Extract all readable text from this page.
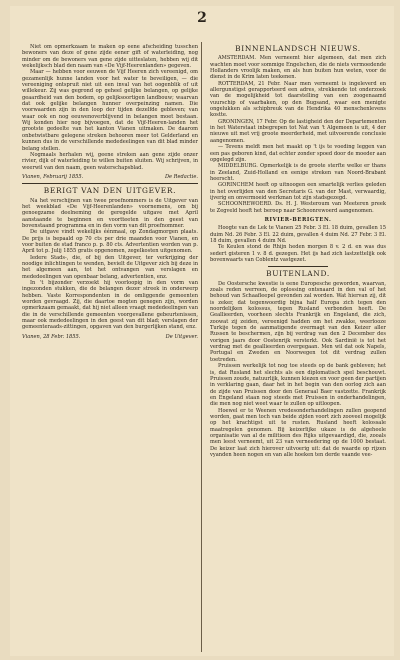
2

Niet om opmerkzaam te maken op eene afscheiding tusschen bewoners van deze of gene zijde eener gift of waterleiding, nog minder om de bewoners van gene zijde uitteslaten, hebben wij dit wekelijksch blad den naam van «De Vijf-Heerenlanden» gegeven.

Maar — hebben voor eeuwen de Vijf Heeren zich vereenigd, om gezamenlijk hunne landen voor het water te beveiligen, — die vereeniging ontspruit niet uit een inval van het oogenblik of uit willekeur. Zij was gegrond op geheel gelijke belangen, op gelijke geaardheid van den bodem, op gelijksoortigen landbouw; waarvan dat ook gelijke belangen hunner overpeinzing namen. Die voorwaarden zijn in den loop der tijden dezelfde gebleven; van waar ook en nog eeuwenoverblijvend in belangen moet bestaan. Wij konden hier nog bijvoegen, dat de Vijf-Heeren-landen het grootste gedeelte van het kanton Vianen uitmaken. De daarom onbetwistbare gelegene streken behooren meer tot Gelderland en kunnen dus in de verschillende mededeelingen van dit blad minder belang stellen.

Nogmaals herhalen wij, geene streken aan gene zijde onzer rivier, dijk of waterleiding te willen buiten sluiten. Wij schrijven, in weerwil van den naam, geen waterschapsblad.

Vianen, Februarij 1855.	De Redactie.
BERIGT VAN DEN UITGEVER.

Na het verschijnen van twee proefnommers is de Uitgever van het weekblad «De Vijf-Heerenlanden» voornemens, om bij genoegzame deelneming de geregelde uitgave met April aanstaande te beginnen en voortteeten in den geest van bovenstaand programma en in den vorm van dit proefnommer.

De uitgave vindt wekelijks éénmaal, op Zondagmorgen plaats. De prijs is bepaald op 70 cts per drie maanden voor Vianen, en voor buiten de stad franco p. p. 80 cts. Advertentien worden van p. April tot p. Julij 1855 gratis opgenomen, zegelkosten uitgenomen.

Iedere Stads-, die, of bij den Uitgever, ter verkrijging der noodige inlichtingen te wenden, bevielt de Uitgever zich bij deze in het algemeen aan, tot het ontvangen van verslagen en mededeelingen van openbaar belang, advertentien, enz.

In 't bijzonder verzoekt hij voorloopig in den vorm van ingezonden stukken, die de belangen dezer streek in onderwerp hebben. Vaste Korrespondenten in de omliggende gemeenten worden gevraagd. Zij, die daartoe mogten genegen zijn, worden opmerkzaam gemaakt, dat hij niet alleen vraagt mededeelingen van die in de verschillende gemeenten voorgevallene gebeurtenissen, maar ook mededeelingen in den geest van dit blad; verslagen der gemeenteraads-zittingen, opgaven van den burgerlijken stand, enz.

Vianen, 28 Febr. 1855.	De Uitgever.
BINNENLANDSCH NIEUWS.

AMSTERDAM. Men verneemt hier algemeen, dat men zich wachten moet voor sommige Engelschen, die de niets vermoedende Hollanders vroolijk maken, en als hun buiten hun weten, voor de dienst in de Krim laten teekenen.

ROTTERDAM, 21 Febr. Naar men verneemt is ingeleverd en allergunstigst gerapporteerd een adres, strekkende tot onderzoek van de mogelijkheid tot daarstelling van een zoogenaamd vuurschip of vaarbaken, op den Bugsand, waar een menigte ongelukken als schipbreuk van de Hendrika 40 menschenlevens kostte.

GRONINGEN, 17 Febr. Op de lastigheid den der Departementen in het Waterstaat inbegrepen tot Nat van 't Algemeen is uit, 4 der nieuwe uit met vrij groote meerderheid, met uitvoerende conclusie aangenomen.

— Tevens meldt men het maakt op 't ijs te voeding leggen van een pas geboren kind, dat echter zonder spoed door de moeder aan opgelegd zijn.

MIDDELBURG. Opmerkelijk is de groote sterfte welke er thans in Zeeland, Zuid-Holland en eenige streken van Noord-Brabant heerscht.

GORINCHEM heeft op uitnoogen een smartelijk verlies geleden in het overlijden van den Secretaris G. van der Mast, verwaardig, ijverig en onvermoeid werkman tot zijn stadsgezegd.

SCHOONREWOERD. Ds. H. J. Westeroum van Meeteren preek te Zegveld heeft het beroep naar Schoonrewoerd aangenomen.

RIVIER-BERIGTEN.

Hoogte van de Lek te Vianen 25 Febr. 3 El. 18 duim, gevallen 15 duim Nd. 26 Febr. 3 El. 22 duim, gevallen 4 duim Nd. 27 Febr. 3 El. 18 duim, gevallen 4 duim Nd.

Te Keulen stond de Rhijn heden morgen 8 v. 2 d. en was dus sedert gisteren 1 v. 8 d. gezegen. Het ijs had zich lastzettelijk ook bovenwaarts van Coblentz vastgezet.

BUITENLAND.

De Oostersche kwestie is eene Europesche geworden, waarvan, zoals reden werreen, de oplossing ontsnaard in den val of het behoud van Schaafleepel gevonden zal worden. Wat hiervan zij, dit is zeker, dat tegenwoordig bijna half Europa zich tegen den noordelijken kolossus, tegen Rusland verbonden heeft. De Geallieerden, voorheen slechts Frankrijk en Engeland, die zich, zoowat zij zeiden, vereenigd hadden om het zwakke, weerlooze Turkije tegen de aanmatigende overmagt van den Keizer aller Russen te beschermen, zijn bij verdrag van den 2 December des vorigen jaars door Oostenrijk versterkt. Ook Sardinië is tot het verdrag met de geallieerden overgegaan. Men wil dat ook Napels, Portugal en Zweden en Noorwegen tot dit verdrag zullen toetreden.

Pruissen werkelijk tot nog toe steeds op de bank gebleven; het is, dat Rusland het slechts als een diplomatisch spel beschouwt. Pruissen zoude, natuurlijk, kunnen kiezen en voor geen der partijen in verklaring gaan, daar het in het begin van den oorlog zich aan de zijde van Pruissen door den Generaal Baer vastzette. Frankrijk en Engeland staan nog steeds met Pruissen in onderhandelingen, die men nog niet weet waar te zullen op uitloopen.

Hoewel er te Weenen vredesonderhandelingen zullen geopend worden, gaat men toch van beide zijden voort zich zooveel mogelijk op het krachtigst uit te rusten. Rusland heeft kolossale maatregelen genomen. Bij keizerlijke ukaze is de algeheele organisatie van al de militieen des Rijks uitgevaardigd, die, zooals men leest verneemt, uit 23 van verneedering op de 1000 bestaat. De keizer laat zich hierover uitvoerig uit: dat de waarde op rijzen vyanden heen nogen en van alle hoeken ten derde vaande vee-
